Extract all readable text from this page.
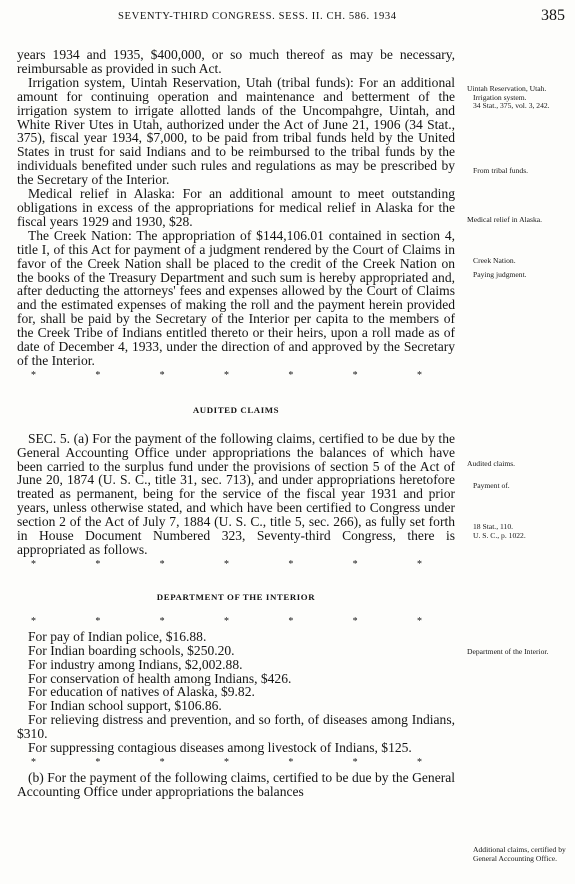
SEVENTY-THIRD CONGRESS. SESS. II. CH. 586. 1934	385

years 1934 and 1935, $400,000, or so much thereof as may be necessary, reimbursable as provided in such Act.

Irrigation system, Uintah Reservation, Utah (tribal funds): For an additional amount for continuing operation and maintenance and betterment of the irrigation system to irrigate allotted lands of the Uncompahgre, Uintah, and White River Utes in Utah, authorized under the Act of June 21, 1906 (34 Stat., 375), fiscal year 1934, $7,000, to be paid from tribal funds held by the United States in trust for said Indians and to be reimbursed to the tribal funds by the individuals benefited under such rules and regulations as may be prescribed by the Secretary of the Interior.

Medical relief in Alaska: For an additional amount to meet outstanding obligations in excess of the appropriations for medical relief in Alaska for the fiscal years 1929 and 1930, $28.

The Creek Nation: The appropriation of $144,106.01 contained in section 4, title I, of this Act for payment of a judgment rendered by the Court of Claims in favor of the Creek Nation shall be placed to the credit of the Creek Nation on the books of the Treasury Department and such sum is hereby appropriated and, after deducting the attorneys' fees and expenses allowed by the Court of Claims and the estimated expenses of making the roll and the payment herein provided for, shall be paid by the Secretary of the Interior per capita to the members of the Creek Tribe of Indians entitled thereto or their heirs, upon a roll made as of date of December 4, 1933, under the direction of and approved by the Secretary of the Interior.

*	*	*	*	*	*	*
AUDITED CLAIMS

SEC. 5. (a) For the payment of the following claims, certified to be due by the General Accounting Office under appropriations the balances of which have been carried to the surplus fund under the provisions of section 5 of the Act of June 20, 1874 (U. S. C., title 31, sec. 713), and under appropriations heretofore treated as permanent, being for the service of the fiscal year 1931 and prior years, unless otherwise stated, and which have been certified to Congress under section 2 of the Act of July 7, 1884 (U. S. C., title 5, sec. 266), as fully set forth in House Document Numbered 323, Seventy-third Congress, there is appropriated as follows.

*	*	*	*	*	*	*
DEPARTMENT OF THE INTERIOR
*	*	*	*	*	*	*

For pay of Indian police, $16.88.

For Indian boarding schools, $250.20.

For industry among Indians, $2,002.88.

For conservation of health among Indians, $426.

For education of natives of Alaska, $9.82.

For Indian school support, $106.86.

For relieving distress and prevention, and so forth, of diseases among Indians, $310.

For suppressing contagious diseases among livestock of Indians, $125.

*	*	*	*	*	*	*

(b) For the payment of the following claims, certified to be due by the General Accounting Office under appropriations the balances

Uintah Reservation, Utah.
Irrigation system.
34 Stat., 375, vol. 3, 242.
From tribal funds.
Medical relief in Alaska.
Creek Nation.
Paying judgment.
Audited claims.
Payment of.
18 Stat., 110.
U. S. C., p. 1022.
Department of the Interior.
Additional claims, certified by General Accounting Office.
